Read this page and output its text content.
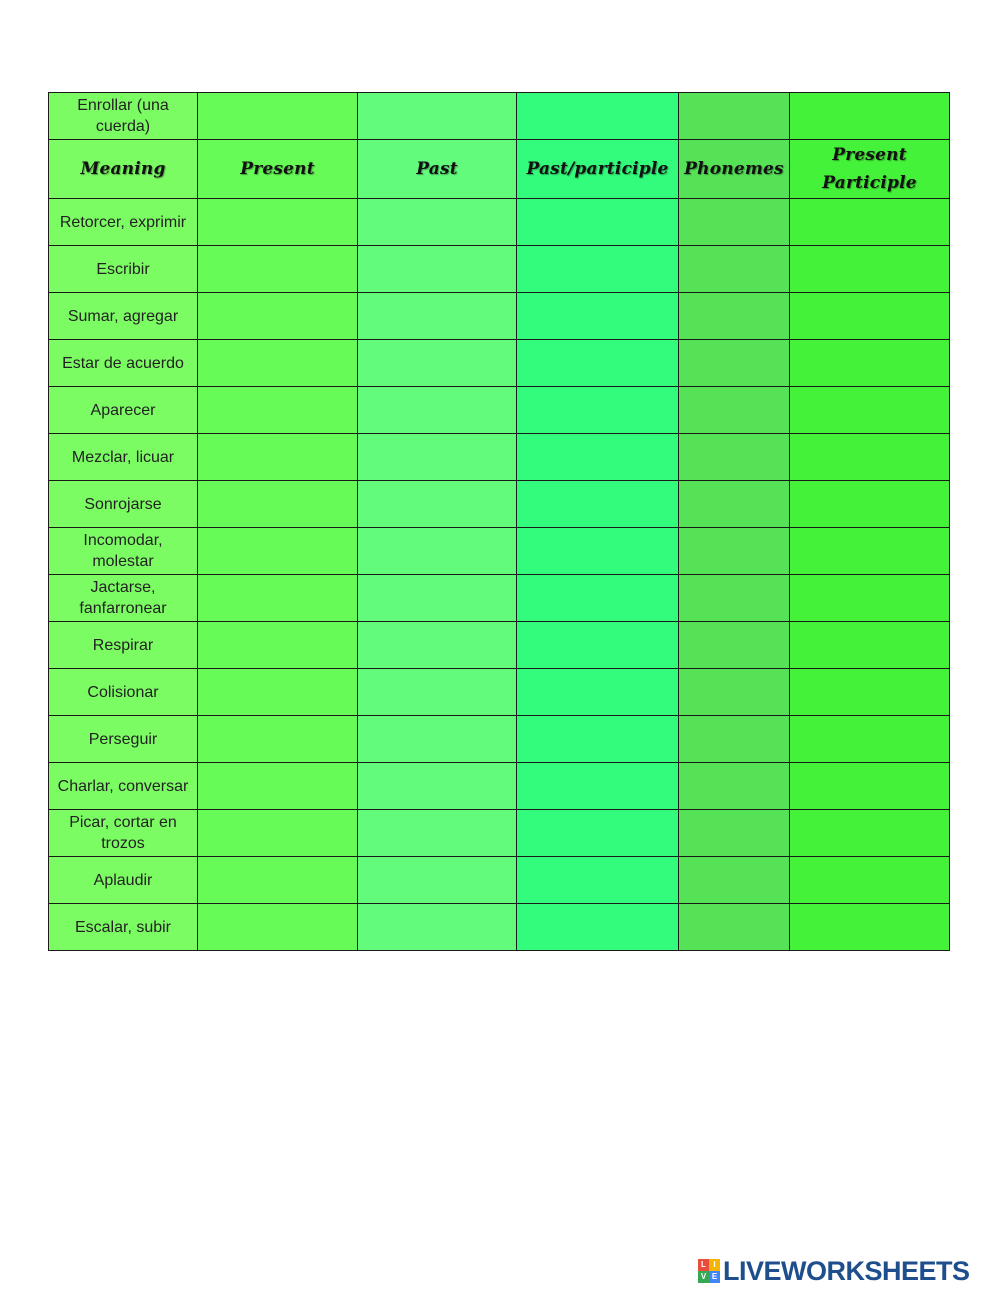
Enrollar (una cuerda)					
Meaning	Present	Past	Past/participle	Phonemes	Present Participle
Retorcer, exprimir					
Escribir					
Sumar, agregar					
Estar de acuerdo					
Aparecer					
Mezclar, licuar					
Sonrojarse					
Incomodar, molestar					
Jactarse, fanfarronear					
Respirar					
Colisionar					
Perseguir					
Charlar, conversar					
Picar, cortar en trozos					
Aplaudir					
Escalar, subir					
L I
V E LIVEWORKSHEETS
